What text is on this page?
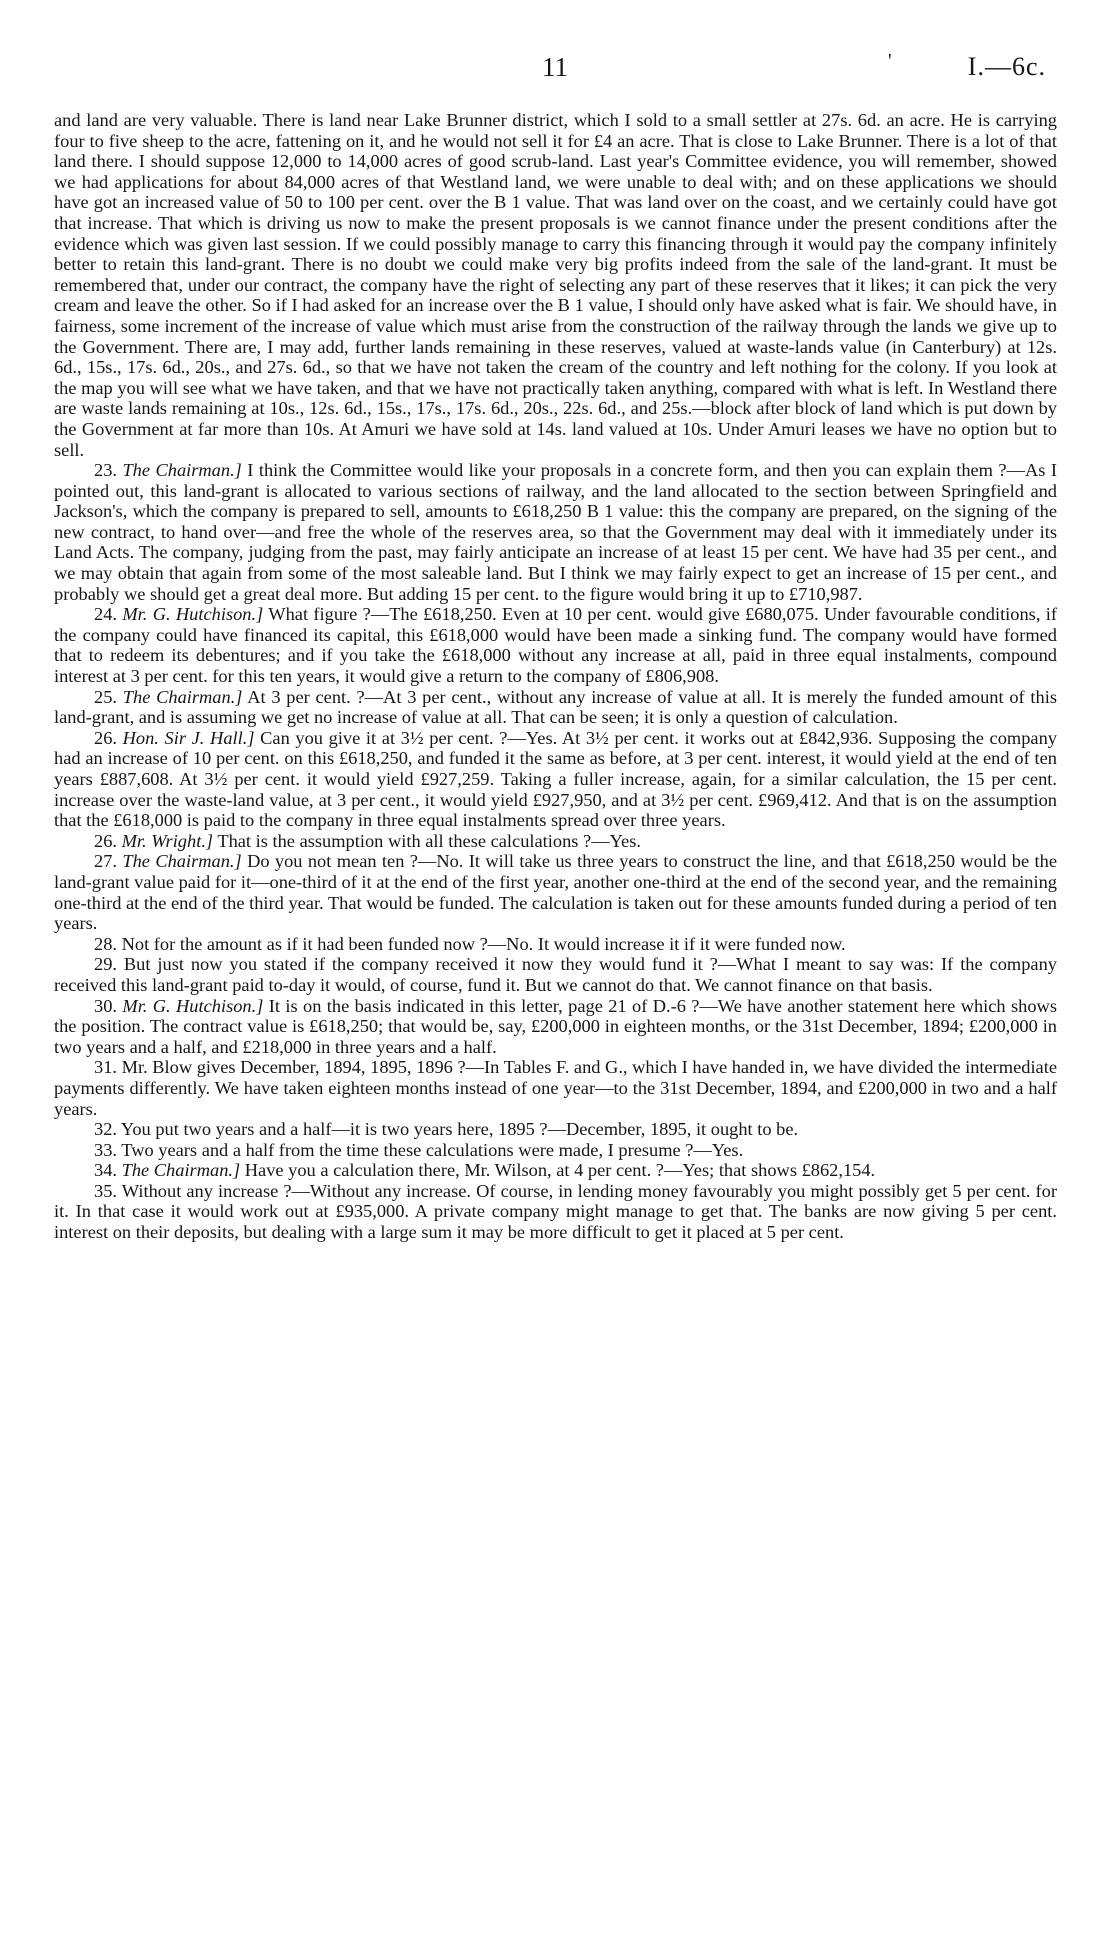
11	'	I.—6c.

and land are very valuable. There is land near Lake Brunner district, which I sold to a small settler at 27s. 6d. an acre. He is carrying four to five sheep to the acre, fattening on it, and he would not sell it for £4 an acre. That is close to Lake Brunner. There is a lot of that land there. I should suppose 12,000 to 14,000 acres of good scrub-land. Last year's Committee evidence, you will remember, showed we had applications for about 84,000 acres of that Westland land, we were unable to deal with; and on these applications we should have got an increased value of 50 to 100 per cent. over the B 1 value. That was land over on the coast, and we certainly could have got that increase. That which is driving us now to make the present proposals is we cannot finance under the present conditions after the evidence which was given last session. If we could possibly manage to carry this financing through it would pay the company infinitely better to retain this land-grant. There is no doubt we could make very big profits indeed from the sale of the land-grant. It must be remembered that, under our contract, the company have the right of selecting any part of these reserves that it likes; it can pick the very cream and leave the other. So if I had asked for an increase over the B 1 value, I should only have asked what is fair. We should have, in fairness, some increment of the increase of value which must arise from the construction of the railway through the lands we give up to the Government. There are, I may add, further lands remaining in these reserves, valued at waste-lands value (in Canterbury) at 12s. 6d., 15s., 17s. 6d., 20s., and 27s. 6d., so that we have not taken the cream of the country and left nothing for the colony. If you look at the map you will see what we have taken, and that we have not practically taken anything, compared with what is left. In Westland there are waste lands remaining at 10s., 12s. 6d., 15s., 17s., 17s. 6d., 20s., 22s. 6d., and 25s.—block after block of land which is put down by the Government at far more than 10s. At Amuri we have sold at 14s. land valued at 10s. Under Amuri leases we have no option but to sell.

23. The Chairman.] I think the Committee would like your proposals in a concrete form, and then you can explain them ?—As I pointed out, this land-grant is allocated to various sections of railway, and the land allocated to the section between Springfield and Jackson's, which the company is prepared to sell, amounts to £618,250 B 1 value: this the company are prepared, on the signing of the new contract, to hand over—and free the whole of the reserves area, so that the Government may deal with it immediately under its Land Acts. The company, judging from the past, may fairly anticipate an increase of at least 15 per cent. We have had 35 per cent., and we may obtain that again from some of the most saleable land. But I think we may fairly expect to get an increase of 15 per cent., and probably we should get a great deal more. But adding 15 per cent. to the figure would bring it up to £710,987.

24. Mr. G. Hutchison.] What figure ?—The £618,250. Even at 10 per cent. would give £680,075. Under favourable conditions, if the company could have financed its capital, this £618,000 would have been made a sinking fund. The company would have formed that to redeem its debentures; and if you take the £618,000 without any increase at all, paid in three equal instalments, compound interest at 3 per cent. for this ten years, it would give a return to the company of £806,908.

25. The Chairman.] At 3 per cent. ?—At 3 per cent., without any increase of value at all. It is merely the funded amount of this land-grant, and is assuming we get no increase of value at all. That can be seen; it is only a question of calculation.

26. Hon. Sir J. Hall.] Can you give it at 3½ per cent. ?—Yes. At 3½ per cent. it works out at £842,936. Supposing the company had an increase of 10 per cent. on this £618,250, and funded it the same as before, at 3 per cent. interest, it would yield at the end of ten years £887,608. At 3½ per cent. it would yield £927,259. Taking a fuller increase, again, for a similar calculation, the 15 per cent. increase over the waste-land value, at 3 per cent., it would yield £927,950, and at 3½ per cent. £969,412. And that is on the assumption that the £618,000 is paid to the company in three equal instalments spread over three years.

26. Mr. Wright.] That is the assumption with all these calculations ?—Yes.

27. The Chairman.] Do you not mean ten ?—No. It will take us three years to construct the line, and that £618,250 would be the land-grant value paid for it—one-third of it at the end of the first year, another one-third at the end of the second year, and the remaining one-third at the end of the third year. That would be funded. The calculation is taken out for these amounts funded during a period of ten years.

28. Not for the amount as if it had been funded now ?—No. It would increase it if it were funded now.

29. But just now you stated if the company received it now they would fund it ?—What I meant to say was: If the company received this land-grant paid to-day it would, of course, fund it. But we cannot do that. We cannot finance on that basis.

30. Mr. G. Hutchison.] It is on the basis indicated in this letter, page 21 of D.-6 ?—We have another statement here which shows the position. The contract value is £618,250; that would be, say, £200,000 in eighteen months, or the 31st December, 1894; £200,000 in two years and a half, and £218,000 in three years and a half.

31. Mr. Blow gives December, 1894, 1895, 1896 ?—In Tables F. and G., which I have handed in, we have divided the intermediate payments differently. We have taken eighteen months instead of one year—to the 31st December, 1894, and £200,000 in two and a half years.

32. You put two years and a half—it is two years here, 1895 ?—December, 1895, it ought to be.

33. Two years and a half from the time these calculations were made, I presume ?—Yes.

34. The Chairman.] Have you a calculation there, Mr. Wilson, at 4 per cent. ?—Yes; that shows £862,154.

35. Without any increase ?—Without any increase. Of course, in lending money favourably you might possibly get 5 per cent. for it. In that case it would work out at £935,000. A private company might manage to get that. The banks are now giving 5 per cent. interest on their deposits, but dealing with a large sum it may be more difficult to get it placed at 5 per cent.
